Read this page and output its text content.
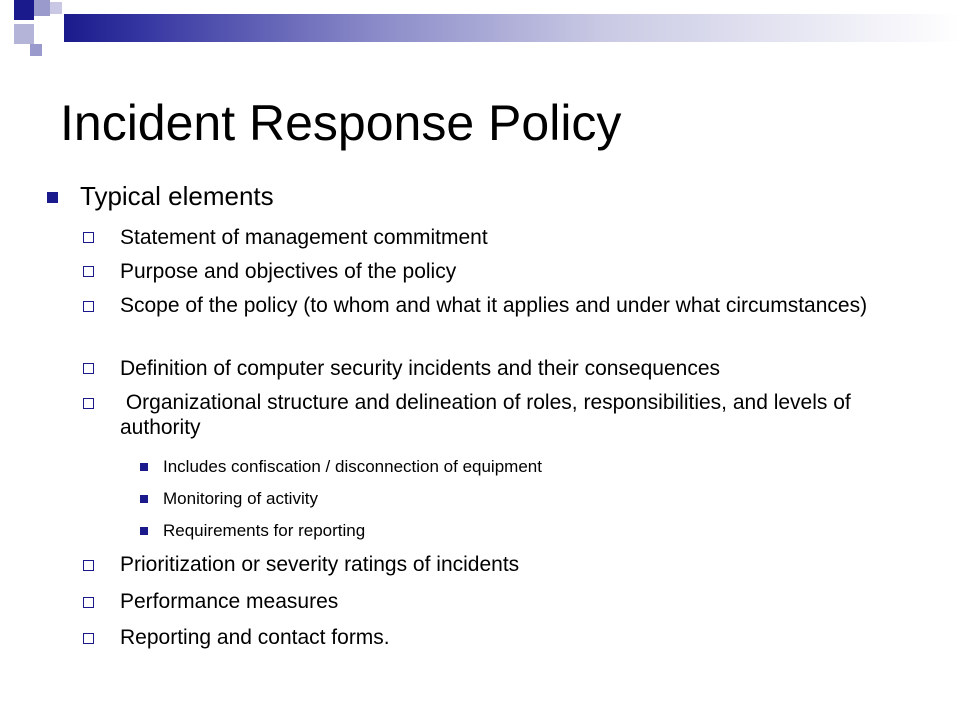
Incident Response Policy
Typical elements
Statement of management commitment
Purpose and objectives of the policy
Scope of the policy (to whom and what it applies and under what circumstances)
Definition of computer security incidents and their consequences
Organizational structure and delineation of roles, responsibilities, and levels of authority
Includes confiscation / disconnection of equipment
Monitoring of activity
Requirements for reporting
Prioritization or severity ratings of incidents
Performance measures
Reporting and contact forms.
